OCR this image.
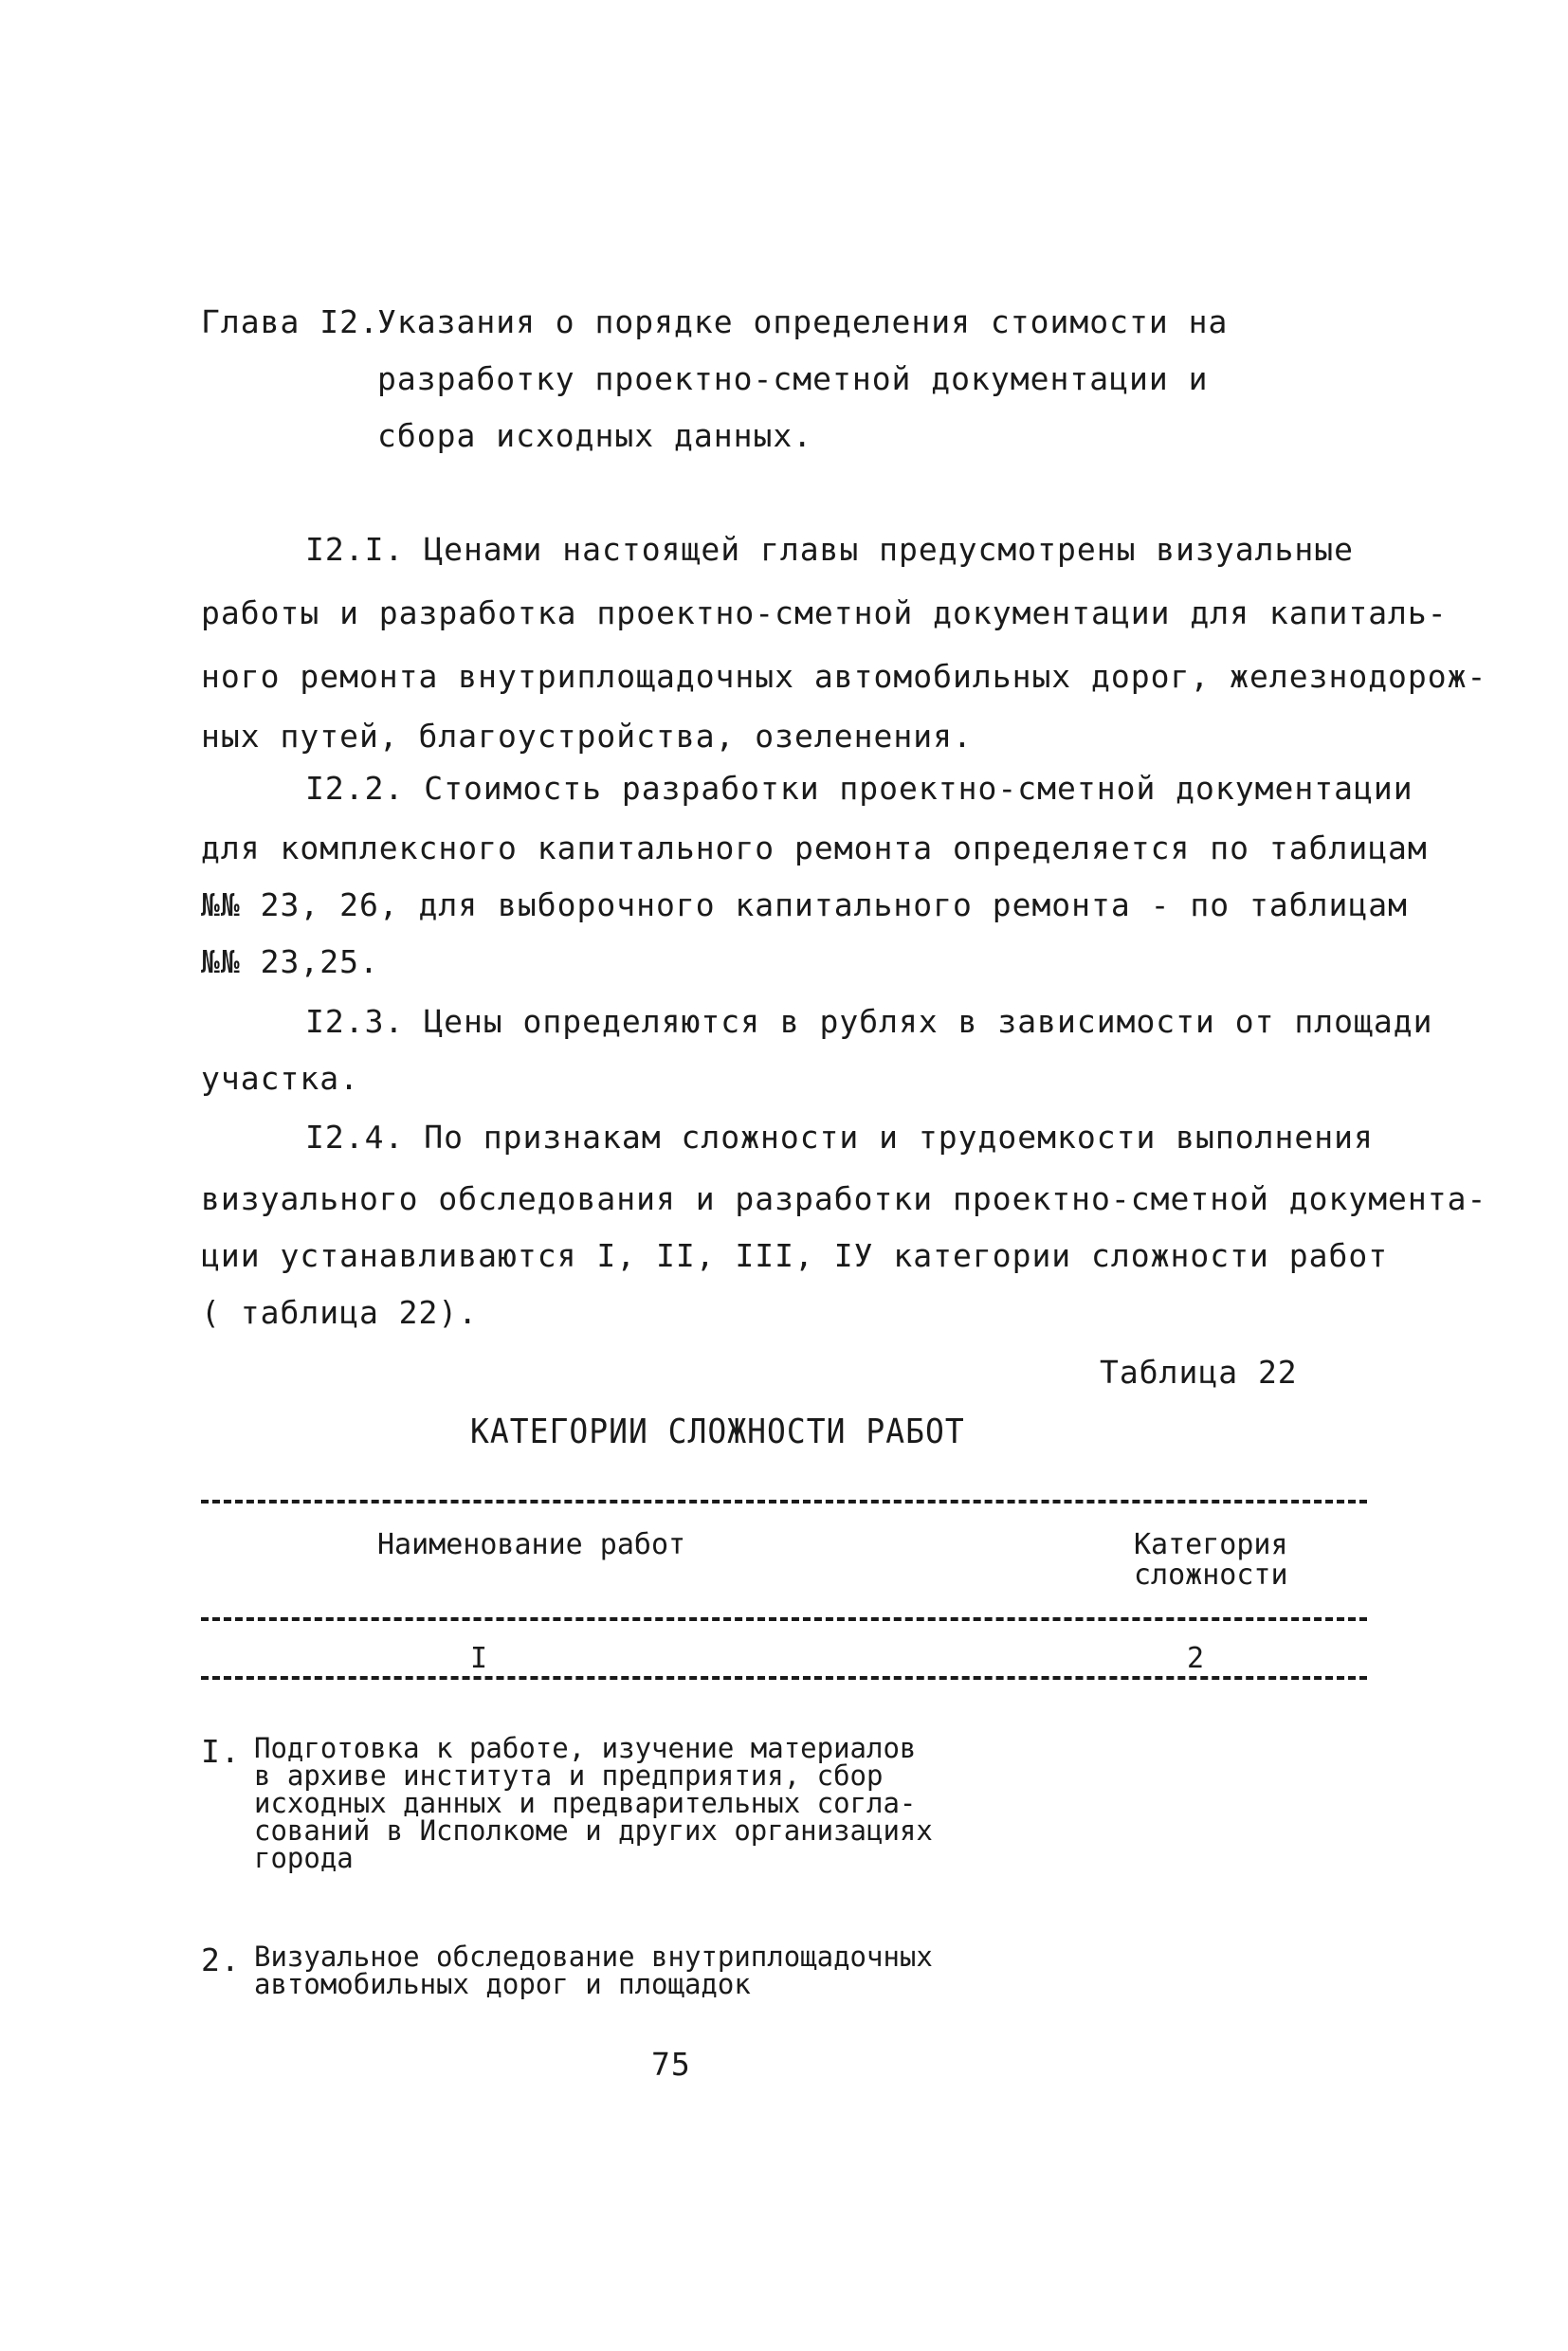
Глава I2.
Указания о порядке определения стоимости на
разработку проектно-сметной документации и
сбора исходных данных.
I2.I. Ценами настоящей главы предусмотрены визуальные
работы и разработка проектно-сметной документации для капиталь-
ного ремонта внутриплощадочных автомобильных дорог, железнодорож-
ных путей, благоустройства, озеленения.
I2.2. Стоимость разработки проектно-сметной документации
для комплексного капитального ремонта определяется по таблицам
№№ 23, 26, для выборочного капитального ремонта - по таблицам
№№ 23,25.
I2.3. Цены определяются в рублях в зависимости от площади
участка.
I2.4. По признакам сложности и трудоемкости выполнения
визуального обследования и разработки проектно-сметной документа-
ции устанавливаются I, II, III, IУ категории сложности работ
( таблица 22).
Таблица 22
КАТЕГОРИИ СЛОЖНОСТИ РАБОТ
Наименование работ	Категория
сложности
I	2
I. Подготовка к работе, изучение материалов
в архиве института и предприятия, сбор
исходных данных и предварительных согла-
сований в Исполкоме и других организациях
города
2. Визуальное обследование внутриплощадочных
автомобильных дорог и площадок
75
